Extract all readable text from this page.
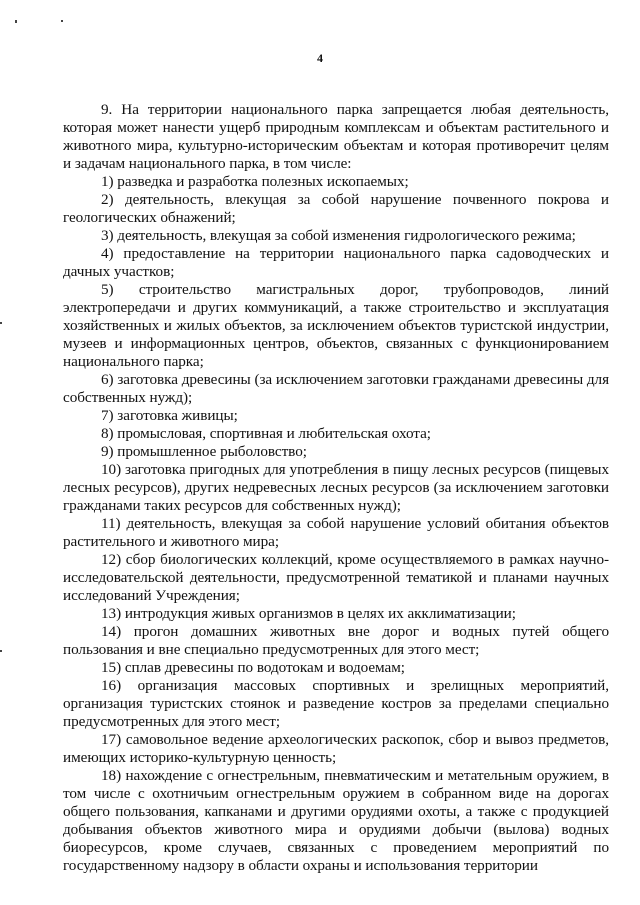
4

9. На территории национального парка запрещается любая деятельность, которая может нанести ущерб природным комплексам и объектам растительного и животного мира, культурно-историческим объектам и которая противоречит целям и задачам национального парка, в том числе:

1) разведка и разработка полезных ископаемых;

2) деятельность, влекущая за собой нарушение почвенного покрова и геологических обнажений;

3) деятельность, влекущая за собой изменения гидрологического режима;

4) предоставление на территории национального парка садоводческих и дачных участков;

5) строительство магистральных дорог, трубопроводов, линий электропередачи и других коммуникаций, а также строительство и эксплуатация хозяйственных и жилых объектов, за исключением объектов туристской индустрии, музеев и информационных центров, объектов, связанных с функционированием национального парка;

6) заготовка древесины (за исключением заготовки гражданами древесины для собственных нужд);

7) заготовка живицы;

8) промысловая, спортивная и любительская охота;

9) промышленное рыболовство;

10) заготовка пригодных для употребления в пищу лесных ресурсов (пищевых лесных ресурсов), других недревесных лесных ресурсов (за исключением заготовки гражданами таких ресурсов для собственных нужд);

11) деятельность, влекущая за собой нарушение условий обитания объектов растительного и животного мира;

12) сбор биологических коллекций, кроме осуществляемого в рамках научно-исследовательской деятельности, предусмотренной тематикой и планами научных исследований Учреждения;

13) интродукция живых организмов в целях их акклиматизации;

14) прогон домашних животных вне дорог и водных путей общего пользования и вне специально предусмотренных для этого мест;

15) сплав древесины по водотокам и водоемам;

16) организация массовых спортивных и зрелищных мероприятий, организация туристских стоянок и разведение костров за пределами специально предусмотренных для этого мест;

17) самовольное ведение археологических раскопок, сбор и вывоз предметов, имеющих историко-культурную ценность;

18) нахождение с огнестрельным, пневматическим и метательным оружием, в том числе с охотничьим огнестрельным оружием в собранном виде на дорогах общего пользования, капканами и другими орудиями охоты, а также с продукцией добывания объектов животного мира и орудиями добычи (вылова) водных биоресурсов, кроме случаев, связанных с проведением мероприятий по государственному надзору в области охраны и использования территории
